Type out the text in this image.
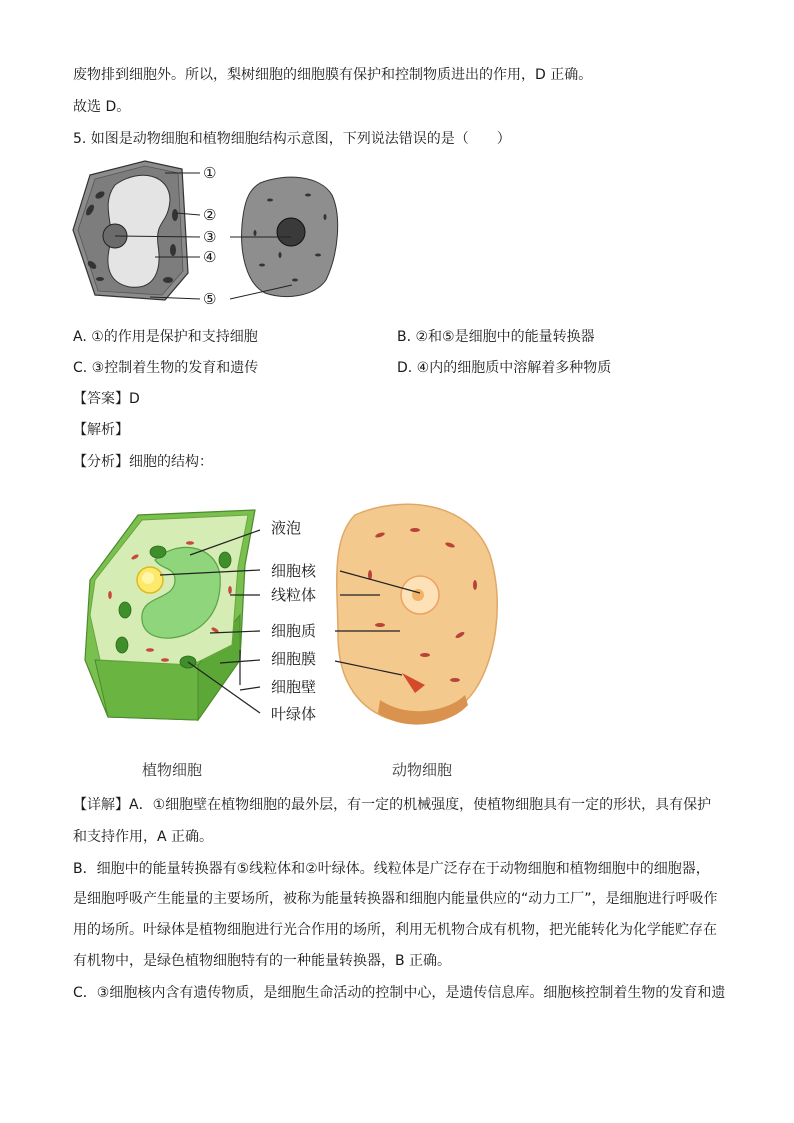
废物排到细胞外。所以，梨树细胞的细胞膜有保护和控制物质进出的作用，D 正确。
故选 D。
5. 如图是动物细胞和植物细胞结构示意图，下列说法错误的是（　　）
①
②
③
④
⑤
A. ①的作用是保护和支持细胞	B. ②和⑤是细胞中的能量转换器
C. ③控制着生物的发育和遗传	D. ④内的细胞质中溶解着多种物质
【答案】D
【解析】
【分析】细胞的结构：
液泡
细胞核
线粒体
细胞质
细胞膜
细胞壁
叶绿体
植物细胞	动物细胞
【详解】A．①细胞壁在植物细胞的最外层，有一定的机械强度，使植物细胞具有一定的形状，具有保护
和支持作用，A 正确。
B．细胞中的能量转换器有⑤线粒体和②叶绿体。线粒体是广泛存在于动物细胞和植物细胞中的细胞器，
是细胞呼吸产生能量的主要场所，被称为能量转换器和细胞内能量供应的“动力工厂”，是细胞进行呼吸作
用的场所。叶绿体是植物细胞进行光合作用的场所，利用无机物合成有机物，把光能转化为化学能贮存在
有机物中，是绿色植物细胞特有的一种能量转换器，B 正确。
C．③细胞核内含有遗传物质，是细胞生命活动的控制中心，是遗传信息库。细胞核控制着生物的发育和遗
